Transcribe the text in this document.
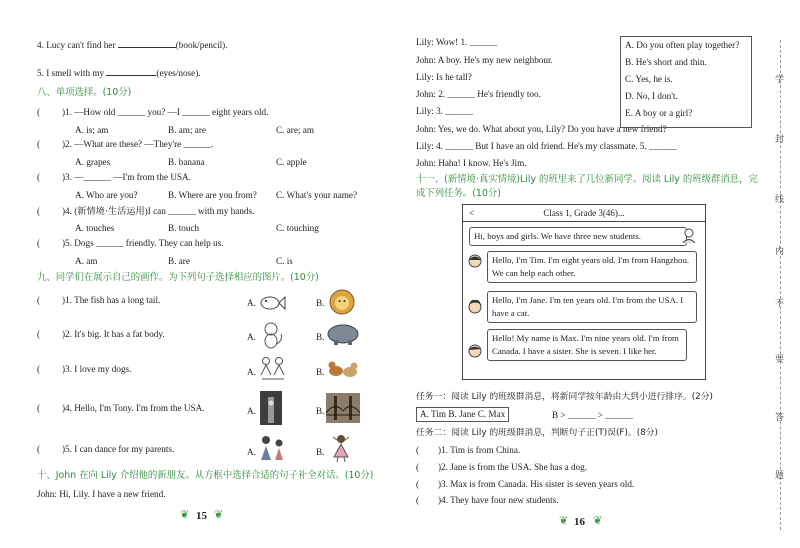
4. Lucy can't find her	(book/pencil).
5. I smell with my	(eyes/nose).
八、单项选择。(10分)
( )1. —How old ______ you? —I ______ eight years old.
A. is; am	B. am; are	C. are; am
( )2. —What are these? —They're ______.
A. grapes	B. banana	C. apple
( )3. —______ —I'm from the USA.
A. Who are you?	B. Where are you from? C. What's your name?
( )4. (新情境·生活运用)I can ______ with my hands.
A. touches	B. touch	C. touching
( )5. Dogs ______ friendly. They can help us.
A. am	B. are	C. is
九、同学们在展示自己的画作。为下列句子选择相应的图片。(10分)
( )1. The fish has a long tail.	A.	B.
( )2. It's big. It has a fat body.	A.	B.
( )3. I love my dogs.	A.	B.
( )4. Hello, I'm Tony. I'm from the USA.	A.	B.
( )5. I can dance for my parents.	A.	B.
十、John 在向 Lily 介绍他的新朋友。从方框中选择合适的句子补全对话。(10分)
John: Hi, Lily. I have a new friend.
❦ 15 ❦
Lily: Wow! 1. ______
John: A boy. He's my new neighbour.
Lily: Is he tall?
John: 2. ______ He's friendly too.
Lily: 3. ______
John: Yes, we do. What about you, Lily? Do you have a new friend?
Lily: 4. ______ But I have an old friend. He's my classmate. 5. ______
John: Haha! I know. He's Jim.
A. Do you often play together?
B. He's short and thin.
C. Yes, he is.
D. No, I don't.
E. A boy or a girl?
十一、(新情境·真实情境)Lily 的班里来了几位新同学。阅读 Lily 的班级群消息，完
成下列任务。(10分)
<	Class 1, Grade 3(46)...
Hi, boys and girls. We have three new students.
Hello, I'm Tim. I'm eight years old. I'm from Hangzhou. We can help each other.
Hello, I'm Jane. I'm ten years old. I'm from the USA. I have a cat.
Hello! My name is Max. I'm nine years old. I'm from Canada. I have a sister. She is seven. I like her.
任务一：阅读 Lily 的班级群消息，将新同学按年龄由大到小进行排序。(2分)
A. Tim B. Jane C. Max	B > ______ > ______
任务二：阅读 Lily 的班级群消息，判断句子正(T)误(F)。(8分)
( )1. Tim is from China.
( )2. Jane is from the USA. She has a dog.
( )3. Max is from Canada. His sister is seven years old.
( )4. They have four new students.
❦ 16 ❦
学
封
线
内
不
要
答
题
